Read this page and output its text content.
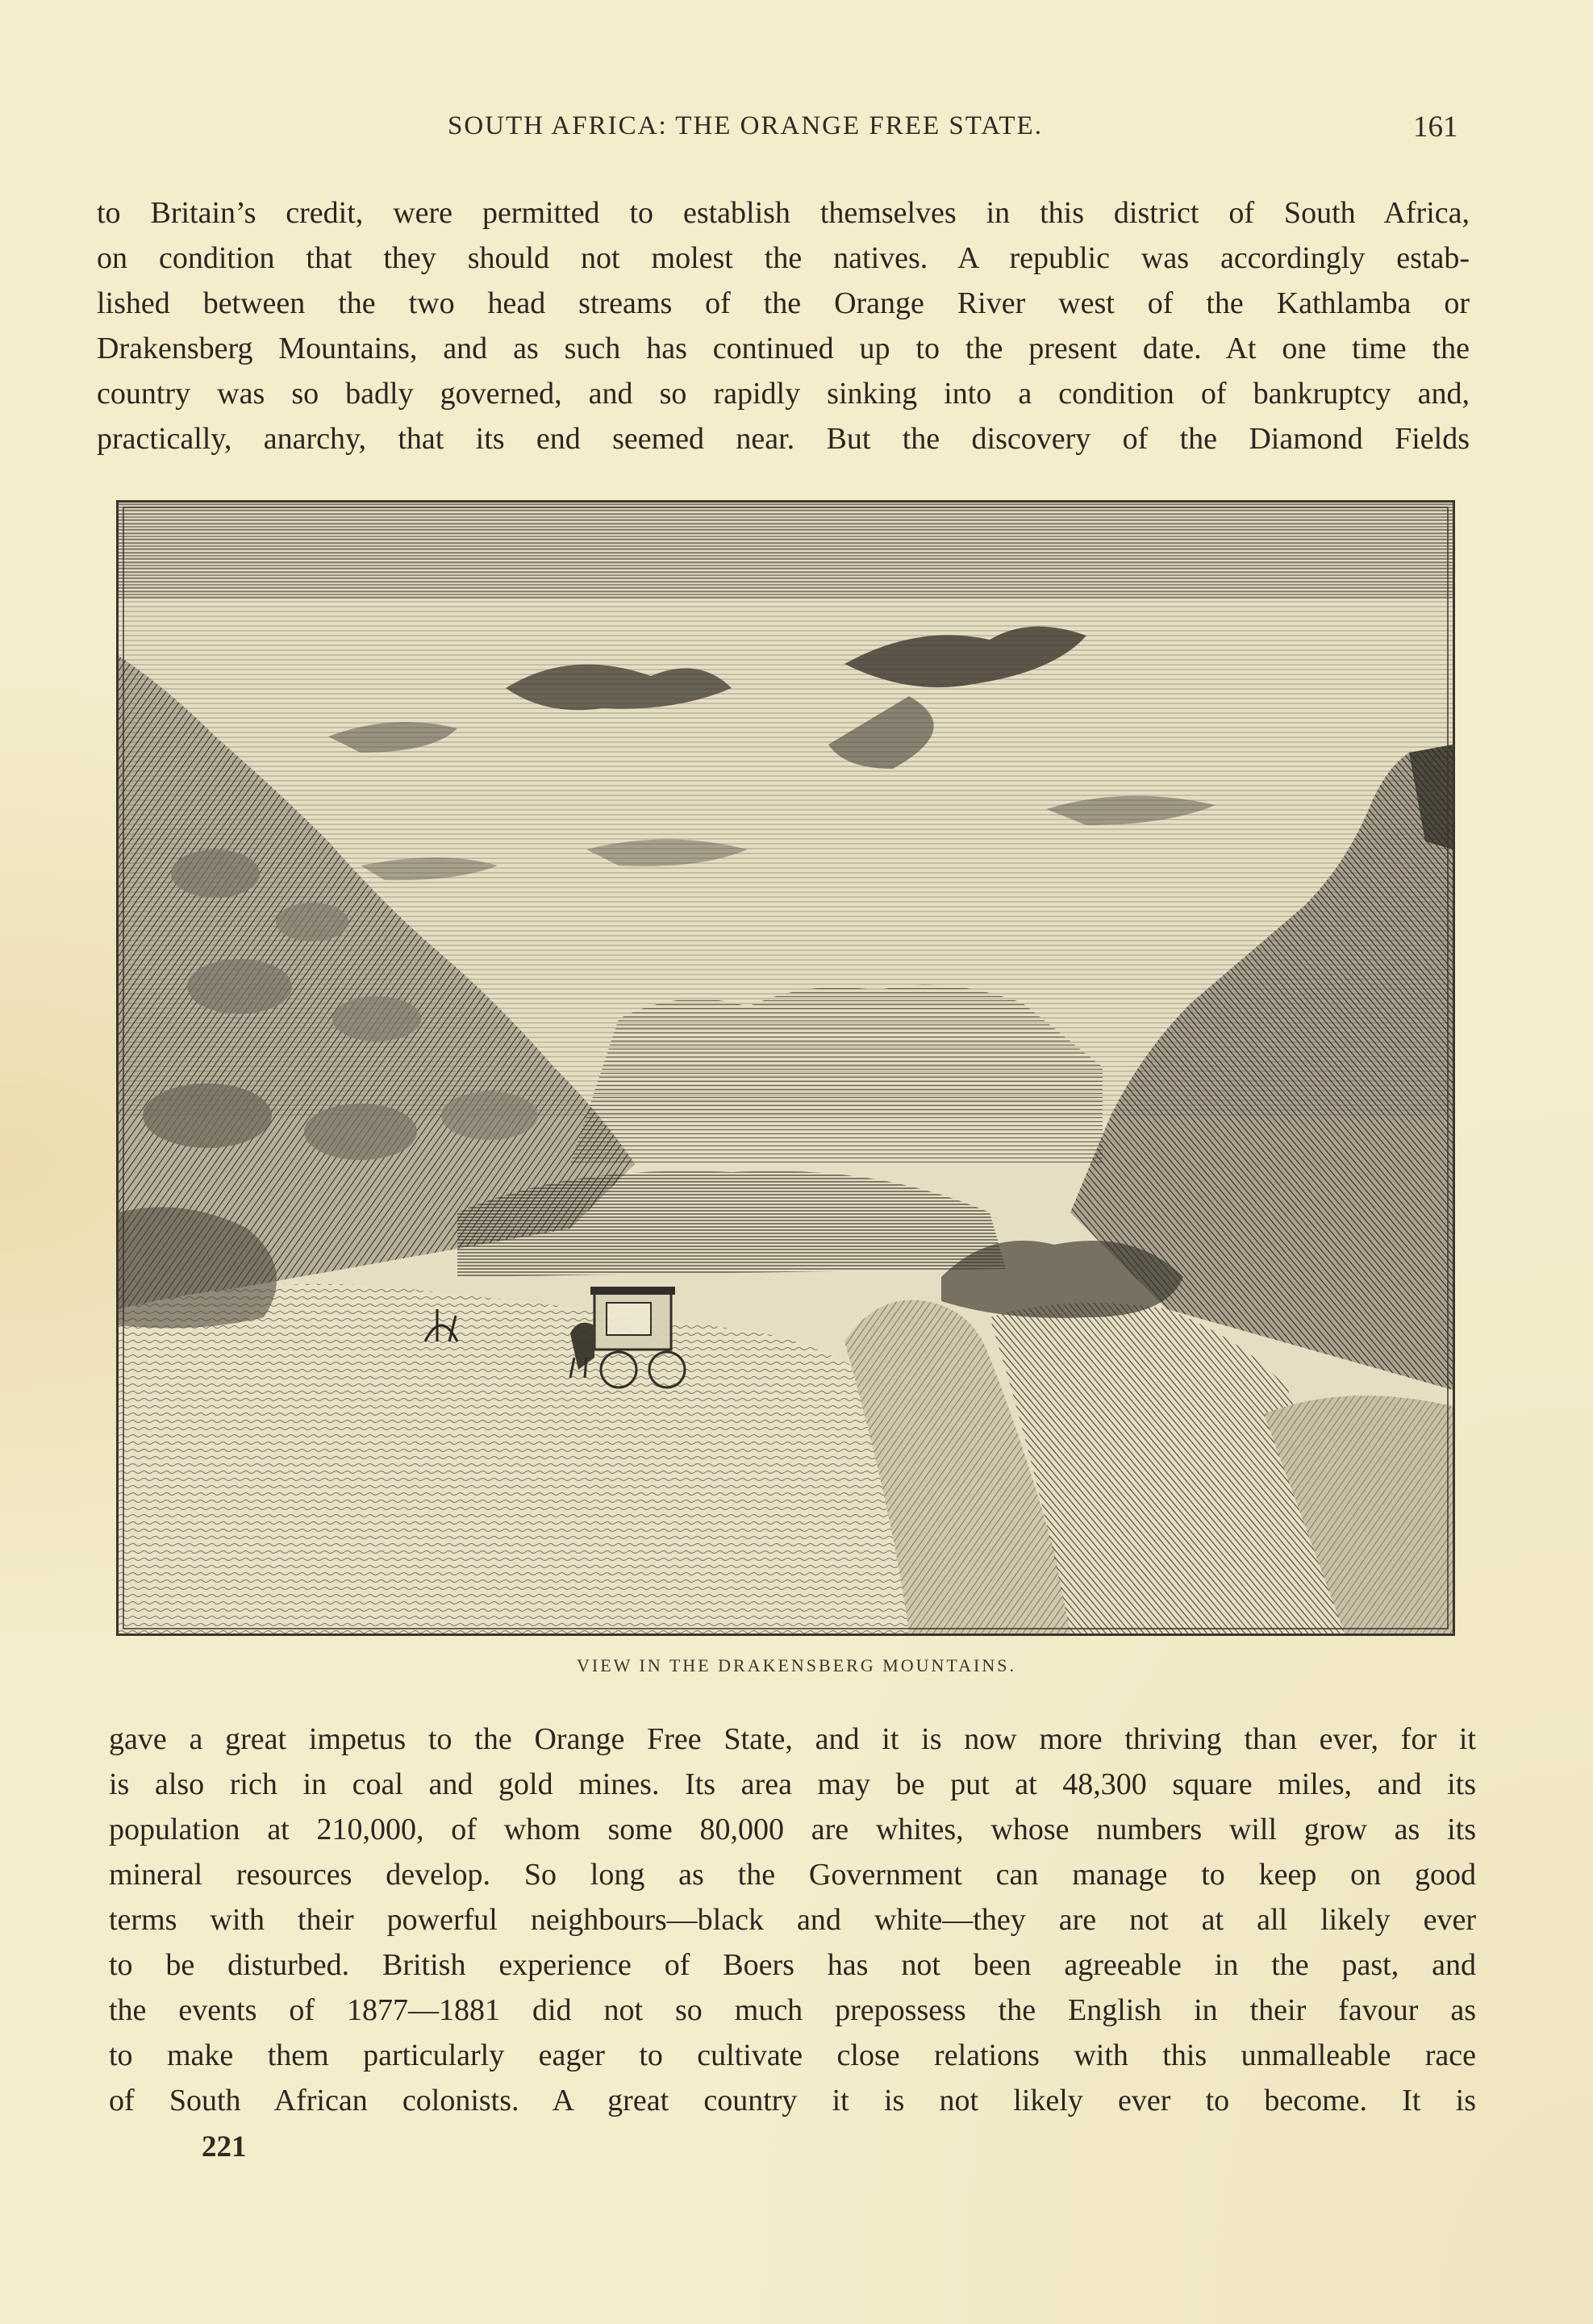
SOUTH AFRICA: THE ORANGE FREE STATE.	161
to Britain’s credit, were permitted to establish themselves in this district of South Africa,
on condition that they should not molest the natives. A republic was accordingly estab-
lished between the two head streams of the Orange River west of the Kathlamba or
Drakensberg Mountains, and as such has continued up to the present date. At one time the
country was so badly governed, and so rapidly sinking into a condition of bankruptcy and,
practically, anarchy, that its end seemed near. But the discovery of the Diamond Fields
VIEW IN THE DRAKENSBERG MOUNTAINS.
gave a great impetus to the Orange Free State, and it is now more thriving than ever, for it
is also rich in coal and gold mines. Its area may be put at 48,300 square miles, and its
population at 210,000, of whom some 80,000 are whites, whose numbers will grow as its
mineral resources develop. So long as the Government can manage to keep on good
terms with their powerful neighbours—black and white—they are not at all likely ever
to be disturbed. British experience of Boers has not been agreeable in the past, and
the events of 1877—1881 did not so much prepossess the English in their favour as
to make them particularly eager to cultivate close relations with this unmalleable race
of South African colonists. A great country it is not likely ever to become. It is
221
